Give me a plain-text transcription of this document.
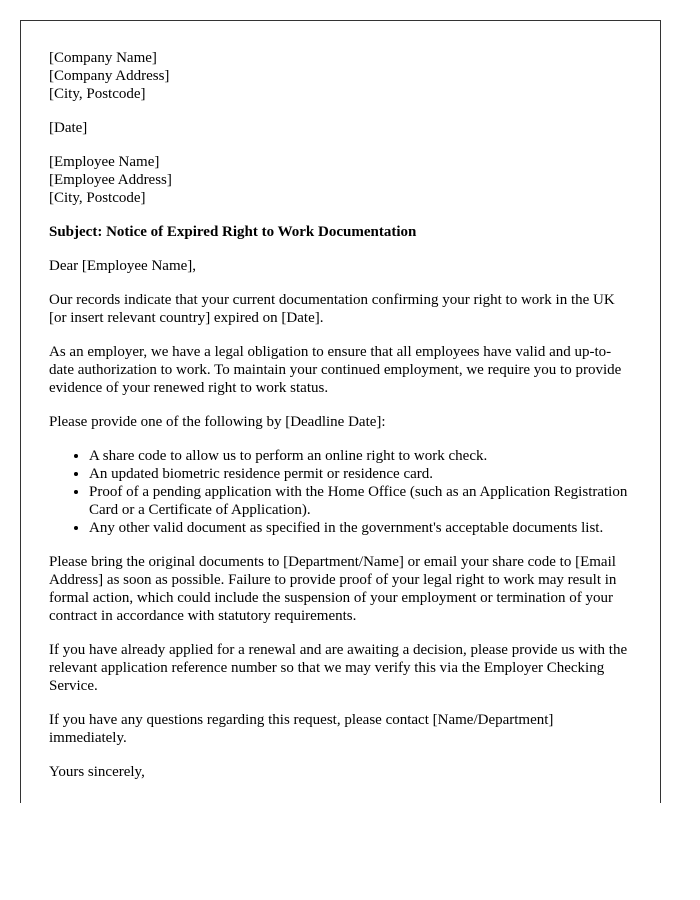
[Company Name]
[Company Address]
[City, Postcode]

[Date]

[Employee Name]
[Employee Address]
[City, Postcode]

Subject: Notice of Expired Right to Work Documentation

Dear [Employee Name],

Our records indicate that your current documentation confirming your right to work in the UK [or insert relevant country] expired on [Date].

As an employer, we have a legal obligation to ensure that all employees have valid and up-to-date authorization to work. To maintain your continued employment, we require you to provide evidence of your renewed right to work status.

Please provide one of the following by [Deadline Date]:

• A share code to allow us to perform an online right to work check.
• An updated biometric residence permit or residence card.
• Proof of a pending application with the Home Office (such as an Application Registration Card or a Certificate of Application).
• Any other valid document as specified in the government's acceptable documents list.

Please bring the original documents to [Department/Name] or email your share code to [Email Address] as soon as possible. Failure to provide proof of your legal right to work may result in formal action, which could include the suspension of your employment or termination of your contract in accordance with statutory requirements.

If you have already applied for a renewal and are awaiting a decision, please provide us with the relevant application reference number so that we may verify this via the Employer Checking Service.

If you have any questions regarding this request, please contact [Name/Department] immediately.

Yours sincerely,
